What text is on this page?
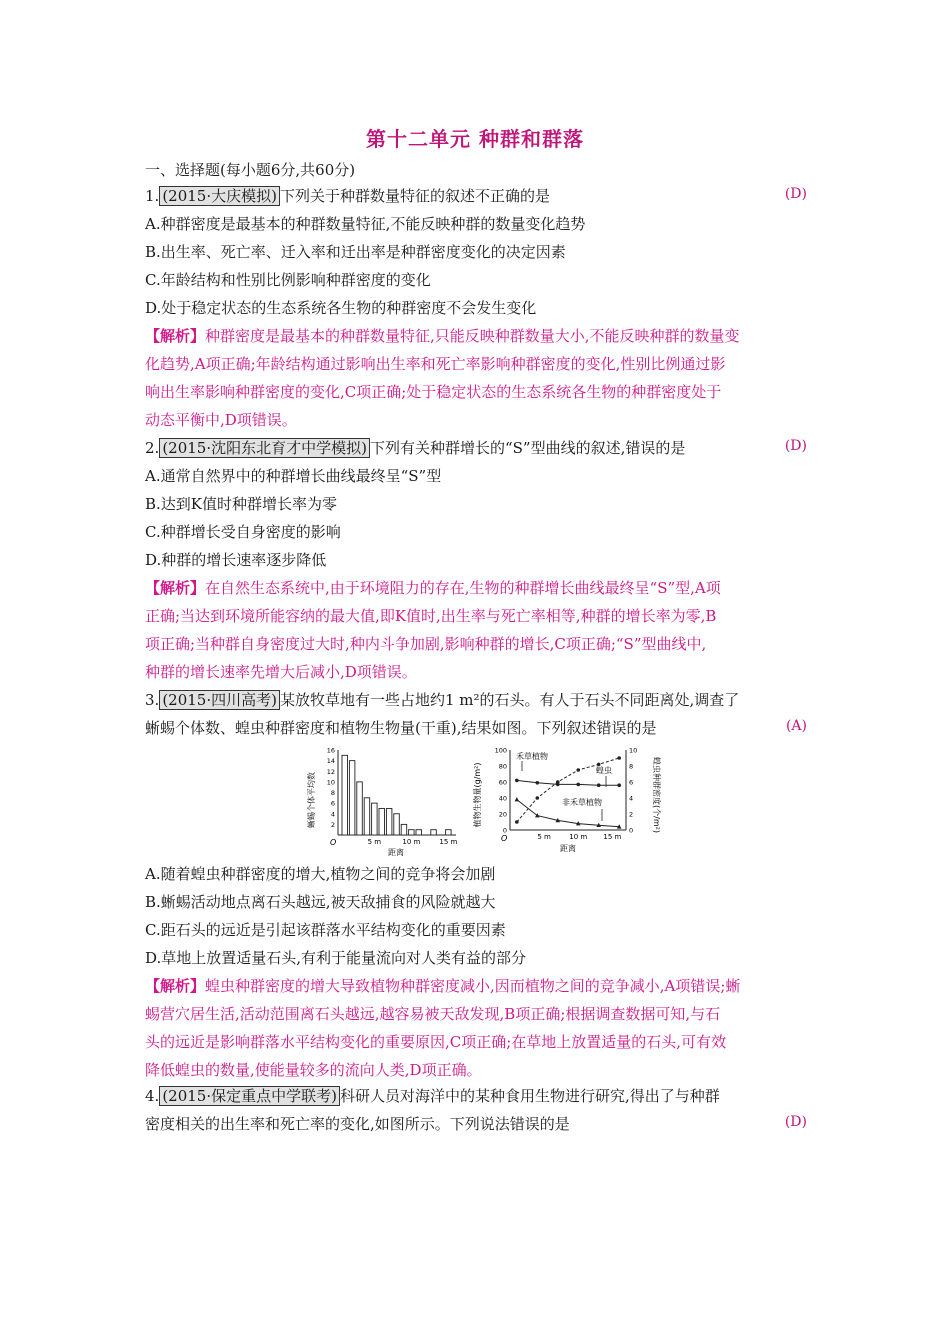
第十二单元 种群和群落
一、选择题(每小题6分,共60分)
1. (2015·大庆模拟) 下列关于种群数量特征的叙述不正确的是	(D)
A.种群密度是最基本的种群数量特征,不能反映种群的数量变化趋势
B.出生率、死亡率、迁入率和迁出率是种群密度变化的决定因素
C.年龄结构和性别比例影响种群密度的变化
D.处于稳定状态的生态系统各生物的种群密度不会发生变化
【解析】种群密度是最基本的种群数量特征,只能反映种群数量大小,不能反映种群的数量变
化趋势,A项正确;年龄结构通过影响出生率和死亡率影响种群密度的变化,性别比例通过影
响出生率影响种群密度的变化,C项正确;处于稳定状态的生态系统各生物的种群密度处于
动态平衡中,D项错误。
2. (2015·沈阳东北育才中学模拟) 下列有关种群增长的“S”型曲线的叙述,错误的是	(D)
A.通常自然界中的种群增长曲线最终呈“S”型
B.达到K值时种群增长率为零
C.种群增长受自身密度的影响
D.种群的增长速率逐步降低
【解析】在自然生态系统中,由于环境阻力的存在,生物的种群增长曲线最终呈“S”型,A项
正确;当达到环境所能容纳的最大值,即K值时,出生率与死亡率相等,种群的增长率为零,B
项正确;当种群自身密度过大时,种内斗争加剧,影响种群的增长,C项正确;“S”型曲线中,
种群的增长速率先增大后减小,D项错误。
3. (2015·四川高考) 某放牧草地有一些占地约1 m²的石头。有人于石头不同距离处,调查了
蜥蜴个体数、蝗虫种群密度和植物生物量(干重),结果如图。下列叙述错误的是	(A)
蜥蜴个体平均数
O
2
4
6
8
10
12
14
16
5 m	10 m	15 m
距离
植物生物量(g/m²)	蝗虫种群密度(个/m²)
O
0
20
40
60
80
100
0
2
4
6
8
10
5 m	10 m 15 m
禾草植物
蝗虫
非禾草植物
距离
A.随着蝗虫种群密度的增大,植物之间的竞争将会加剧
B.蜥蜴活动地点离石头越远,被天敌捕食的风险就越大
C.距石头的远近是引起该群落水平结构变化的重要因素
D.草地上放置适量石头,有利于能量流向对人类有益的部分
【解析】蝗虫种群密度的增大导致植物种群密度减小,因而植物之间的竞争减小,A项错误;蜥
蜴营穴居生活,活动范围离石头越远,越容易被天敌发现,B项正确;根据调查数据可知,与石
头的远近是影响群落水平结构变化的重要原因,C项正确;在草地上放置适量的石头,可有效
降低蝗虫的数量,使能量较多的流向人类,D项正确。
4. (2015·保定重点中学联考) 科研人员对海洋中的某种食用生物进行研究,得出了与种群
密度相关的出生率和死亡率的变化,如图所示。下列说法错误的是	(D)
